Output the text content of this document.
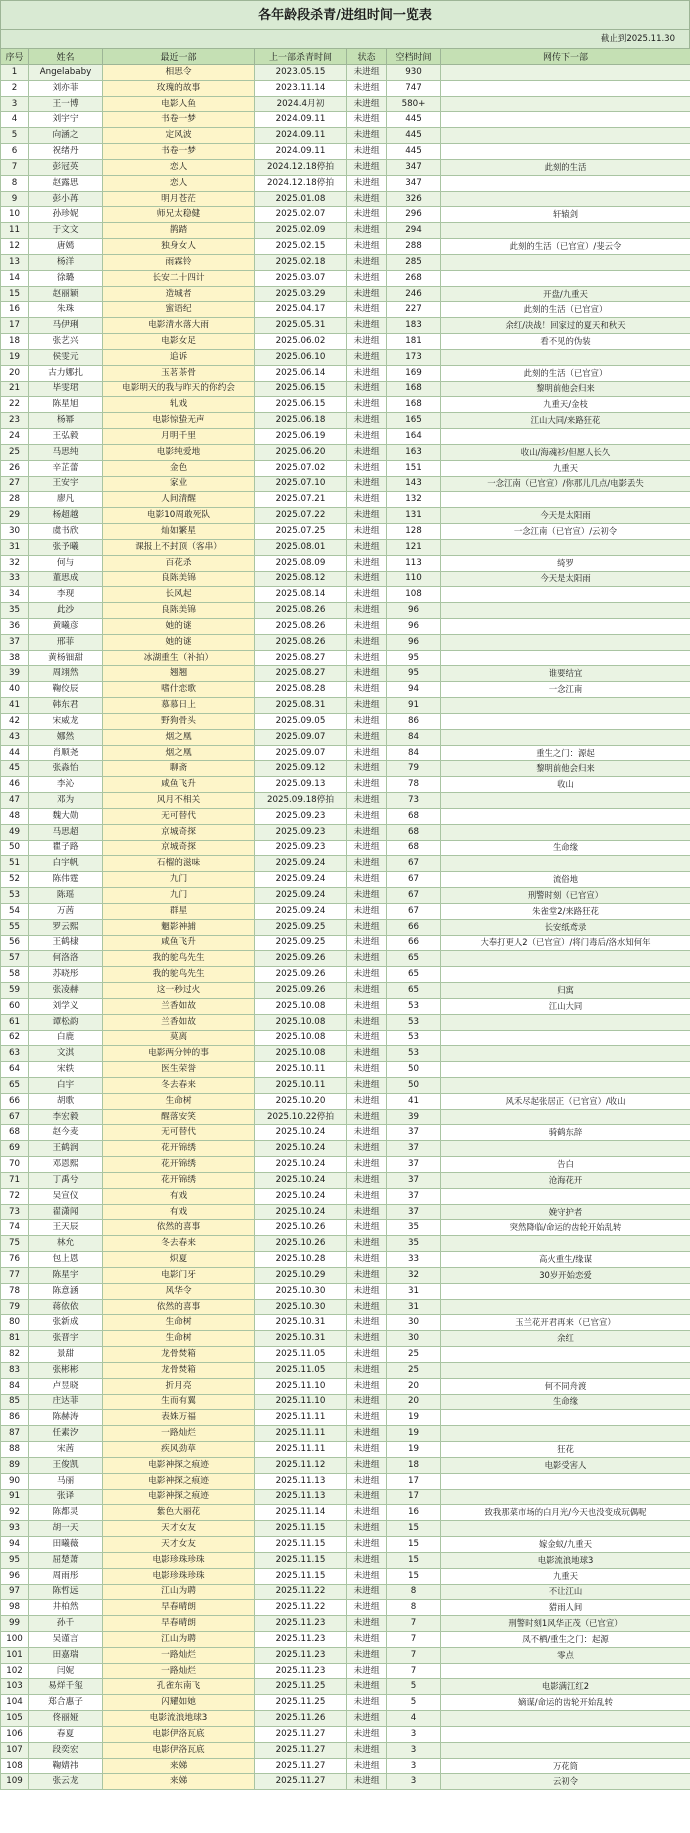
各年龄段杀青/进组时间一览表
截止到2025.11.30
序号	姓名	最近一部	上一部杀青时间	状态	空档时间	网传下一部
1	Angelababy	相思令	2023.05.15	未进组	930	
2	刘亦菲	玫瑰的故事	2023.11.14	未进组	747	
3	王一博	电影人鱼	2024.4月初	未进组	580+	
4	刘宇宁	书卷一梦	2024.09.11	未进组	445	
5	向涵之	定风波	2024.09.11	未进组	445	
6	祝绪丹	书卷一梦	2024.09.11	未进组	445	
7	彭冠英	恋人	2024.12.18停拍	未进组	347	此刻的生活
8	赵露思	恋人	2024.12.18停拍	未进组	347	
9	彭小苒	明月苍茫	2025.01.08	未进组	326	
10	孙珍妮	师兄太稳健	2025.02.07	未进组	296	轩辕剑
11	于文文	鹊踏	2025.02.09	未进组	294	
12	唐嫣	独身女人	2025.02.15	未进组	288	此刻的生活（已官宣）/斐云令
13	杨洋	雨霖铃	2025.02.18	未进组	285	
14	徐璐	长安二十四计	2025.03.07	未进组	268	
15	赵丽颖	造城者	2025.03.29	未进组	246	开盘/九重天
16	朱珠	蜜语纪	2025.04.17	未进组	227	此刻的生活（已官宣）
17	马伊琍	电影清水落大雨	2025.05.31	未进组	183	余红/决战！回家过的夏天和秋天
18	张艺兴	电影女足	2025.06.02	未进组	181	看不见的伪装
19	侯雯元	追诉	2025.06.10	未进组	173	
20	古力娜扎	玉茗茶骨	2025.06.14	未进组	169	此刻的生活（已官宣）
21	毕雯珺	电影明天的我与昨天的你约会	2025.06.15	未进组	168	黎明前他会归来
22	陈星旭	轧戏	2025.06.15	未进组	168	九重天/金枝
23	杨幂	电影惊蛰无声	2025.06.18	未进组	165	江山大同/来路狂花
24	王弘毅	月明千里	2025.06.19	未进组	164	
25	马思纯	电影纯爱地	2025.06.20	未进组	163	收山/海魂衫/但愿人长久
26	辛芷蕾	金色	2025.07.02	未进组	151	九重天
27	王安宇	家业	2025.07.10	未进组	143	一念江南（已官宣）/你那儿几点/电影丢失
28	廖凡	人间清醒	2025.07.21	未进组	132	
29	杨超越	电影10周敢死队	2025.07.22	未进组	131	今天是太阳雨
30	虞书欣	灿如繁星	2025.07.25	未进组	128	一念江南（已官宣）/云初令
31	张予曦	课报上不封顶（客串）	2025.08.01	未进组	121	
32	何与	百花杀	2025.08.09	未进组	113	绮罗
33	董思成	良陈美锦	2025.08.12	未进组	110	今天是太阳雨
34	李现	长风起	2025.08.14	未进组	108	
35	此沙	良陈美锦	2025.08.26	未进组	96	
36	黄曦彦	她的谜	2025.08.26	未进组	96	
37	邢菲	她的谜	2025.08.26	未进组	96	
38	黄杨钿甜	冰湖重生（补拍）	2025.08.27	未进组	95	
39	周翊然	翘翘	2025.08.27	未进组	95	谁要结宜
40	鞠佼辰	嗜什恋歌	2025.08.28	未进组	94	一念江南
41	韩东君	慕慕日上	2025.08.31	未进组	91	
42	宋威龙	野狗骨头	2025.09.05	未进组	86	
43	娜然	烟之凰	2025.09.07	未进组	84	
44	肖顺尧	烟之凰	2025.09.07	未进组	84	重生之门：源起
45	张淼怡	聊斋	2025.09.12	未进组	79	黎明前他会归来
46	李沁	咸鱼飞升	2025.09.13	未进组	78	收山
47	邓为	风月不相关	2025.09.18停拍	未进组	73	
48	魏大勋	无可替代	2025.09.23	未进组	68	
49	马思超	京城奇探	2025.09.23	未进组	68	
50	瞿子路	京城奇探	2025.09.23	未进组	68	生命缘
51	白宇帆	石榴的滋味	2025.09.24	未进组	67	
52	陈伟霆	九门	2025.09.24	未进组	67	流俗地
53	陈瑶	九门	2025.09.24	未进组	67	刑警时刻（已官宣）
54	万茜	群星	2025.09.24	未进组	67	朱雀堂2/来路狂花
55	罗云熙	魍影神捕	2025.09.25	未进组	66	长安纸鸢录
56	王鹤棣	咸鱼飞升	2025.09.25	未进组	66	大奉打更人2（已官宣）/将门毒后/洛水知何年
57	何洛洛	我的鸵鸟先生	2025.09.26	未进组	65	
58	苏晓彤	我的鸵鸟先生	2025.09.26	未进组	65	
59	张凌赫	这一秒过火	2025.09.26	未进组	65	归寓
60	刘学义	兰香如故	2025.10.08	未进组	53	江山大同
61	谭松韵	兰香如故	2025.10.08	未进组	53	
62	白鹿	莫离	2025.10.08	未进组	53	
63	文淇	电影两分钟的事	2025.10.08	未进组	53	
64	宋轶	医生荣誉	2025.10.11	未进组	50	
65	白宇	冬去春来	2025.10.11	未进组	50	
66	胡歌	生命树	2025.10.20	未进组	41	风禾尽起张居正（已官宣）/收山
67	李宏毅	醒落安笑	2025.10.22停拍	未进组	39	
68	赵今麦	无可替代	2025.10.24	未进组	37	骑鹤东辞
69	王鹤润	花开锦绣	2025.10.24	未进组	37	
70	邓恩熙	花开锦绣	2025.10.24	未进组	37	告白
71	丁禹兮	花开锦绣	2025.10.24	未进组	37	沧海花开
72	吴宣仪	有戏	2025.10.24	未进组	37	
73	翟潇闻	有戏	2025.10.24	未进组	37	娩守护者
74	王天辰	依然的喜事	2025.10.26	未进组	35	突然降临/命运的齿轮开始乱转
75	林允	冬去春来	2025.10.26	未进组	35	
76	包上恩	炽夏	2025.10.28	未进组	33	高火重生/缘谋
77	陈星宇	电影门牙	2025.10.29	未进组	32	30岁开始恋爱
78	陈意涵	风华令	2025.10.30	未进组	31	
79	蒋依依	依然的喜事	2025.10.30	未进组	31	
80	张新成	生命树	2025.10.31	未进组	30	玉兰花开君再来（已官宣）
81	张晋宇	生命树	2025.10.31	未进组	30	余红
82	景甜	龙骨焚箱	2025.11.05	未进组	25	
83	张彬彬	龙骨焚箱	2025.11.05	未进组	25	
84	卢昱晓	折月亮	2025.11.10	未进组	20	何不同舟渡
85	庄达菲	生而有翼	2025.11.10	未进组	20	生命缘
86	陈赫涛	表姝万福	2025.11.11	未进组	19	
87	任素汐	一路灿烂	2025.11.11	未进组	19	
88	宋茜	疾风劲草	2025.11.11	未进组	19	狂花
89	王俊凯	电影神探之痕迹	2025.11.12	未进组	18	电影受害人
90	马丽	电影神探之痕迹	2025.11.13	未进组	17	
91	张译	电影神探之痕迹	2025.11.13	未进组	17	
92	陈都灵	紫色大丽花	2025.11.14	未进组	16	致我那菜市场的白月光/今天也没变成玩偶呢
93	胡一天	天才女友	2025.11.15	未进组	15	
94	田曦薇	天才女友	2025.11.15	未进组	15	嫁金蚁/九重天
95	屈楚萧	电影珍珠珍珠	2025.11.15	未进组	15	电影流浪地球3
96	周雨彤	电影珍珠珍珠	2025.11.15	未进组	15	九重天
97	陈哲远	江山为聘	2025.11.22	未进组	8	不让江山
98	井柏然	早春晴朗	2025.11.22	未进组	8	猎雨人间
99	孙千	早春晴朗	2025.11.23	未进组	7	刑警时刻1风华正茂（已官宣）
100	吴谨言	江山为聘	2025.11.23	未进组	7	凤不栖/重生之门：起源
101	田嘉瑞	一路灿烂	2025.11.23	未进组	7	零点
102	闫妮	一路灿烂	2025.11.23	未进组	7	
103	易烊千玺	孔雀东南飞	2025.11.25	未进组	5	电影满江红2
104	郑合惠子	闪耀如她	2025.11.25	未进组	5	嫡谋/命运的齿轮开始乱转
105	佟丽娅	电影流浪地球3	2025.11.26	未进组	4	
106	春夏	电影伊洛瓦底	2025.11.27	未进组	3	
107	段奕宏	电影伊洛瓦底	2025.11.27	未进组	3	
108	鞠婧祎	来娣	2025.11.27	未进组	3	万花筒
109	张云龙	来娣	2025.11.27	未进组	3	云初令
